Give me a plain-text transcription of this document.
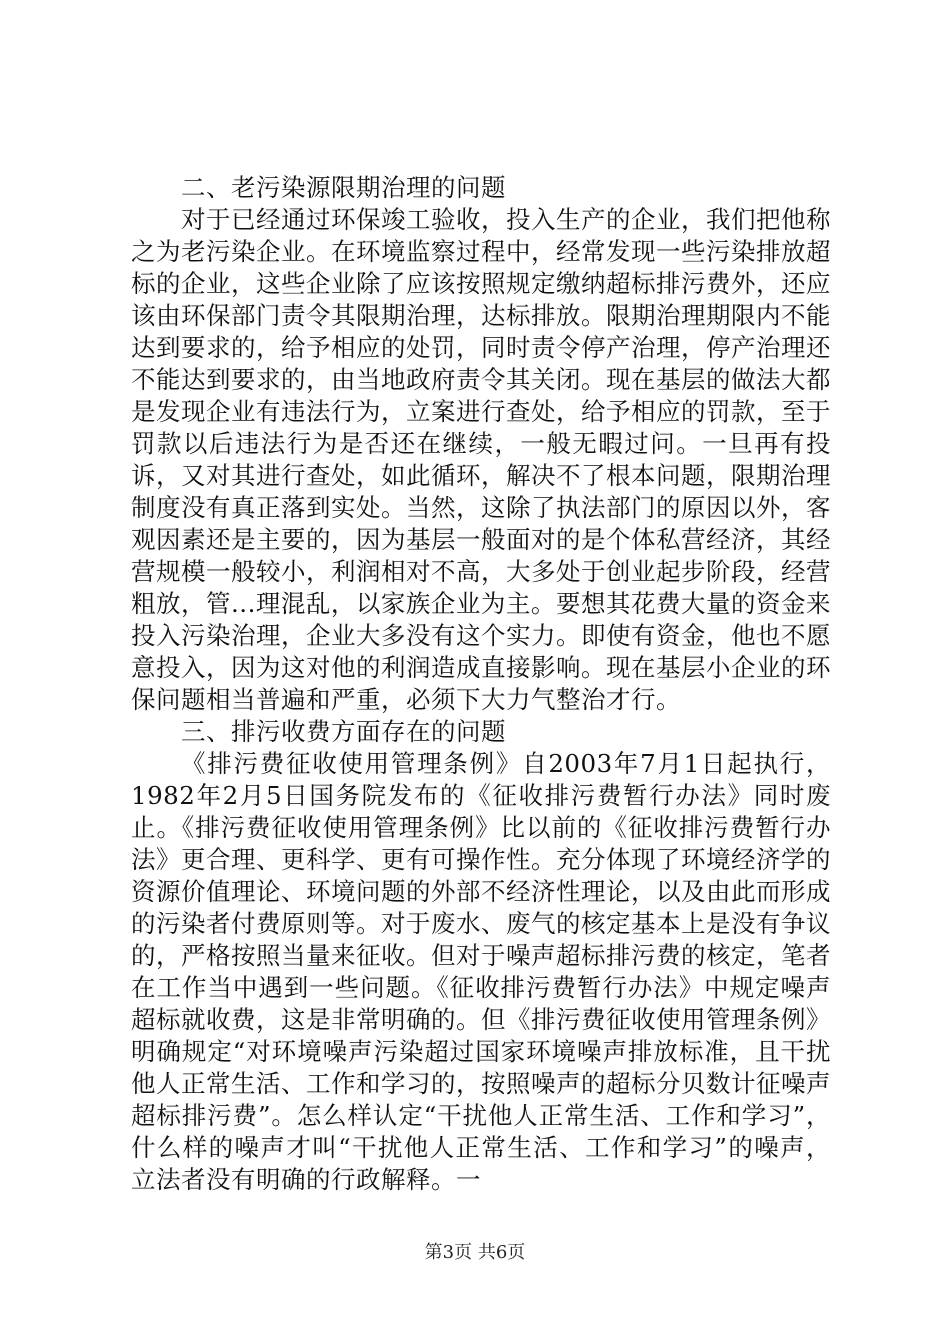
二、老污染源限期治理的问题

对于已经通过环保竣工验收，投入生产的企业，我们把他称之为老污染企业。在环境监察过程中，经常发现一些污染排放超标的企业，这些企业除了应该按照规定缴纳超标排污费外，还应该由环保部门责令其限期治理，达标排放。限期治理期限内不能达到要求的，给予相应的处罚，同时责令停产治理，停产治理还不能达到要求的，由当地政府责令其关闭。现在基层的做法大都是发现企业有违法行为，立案进行查处，给予相应的罚款，至于罚款以后违法行为是否还在继续，一般无暇过问。一旦再有投诉，又对其进行查处，如此循环，解决不了根本问题，限期治理制度没有真正落到实处。当然，这除了执法部门的原因以外，客观因素还是主要的，因为基层一般面对的是个体私营经济，其经营规模一般较小，利润相对不高，大多处于创业起步阶段，经营粗放，管...理混乱，以家族企业为主。要想其花费大量的资金来投入污染治理，企业大多没有这个实力。即使有资金，他也不愿意投入，因为这对他的利润造成直接影响。现在基层小企业的环保问题相当普遍和严重，必须下大力气整治才行。

三、排污收费方面存在的问题

《排污费征收使用管理条例》自2003年7月1日起执行，1982年2月5日国务院发布的《征收排污费暂行办法》同时废止。《排污费征收使用管理条例》比以前的《征收排污费暂行办法》更合理、更科学、更有可操作性。充分体现了环境经济学的资源价值理论、环境问题的外部不经济性理论，以及由此而形成的污染者付费原则等。对于废水、废气的核定基本上是没有争议的，严格按照当量来征收。但对于噪声超标排污费的核定，笔者在工作当中遇到一些问题。《征收排污费暂行办法》中规定噪声超标就收费，这是非常明确的。但《排污费征收使用管理条例》明确规定“对环境噪声污染超过国家环境噪声排放标准，且干扰他人正常生活、工作和学习的，按照噪声的超标分贝数计征噪声超标排污费”。怎么样认定“干扰他人正常生活、工作和学习”，什么样的噪声才叫“干扰他人正常生活、工作和学习”的噪声，立法者没有明确的行政解释。一

第3页 共6页
